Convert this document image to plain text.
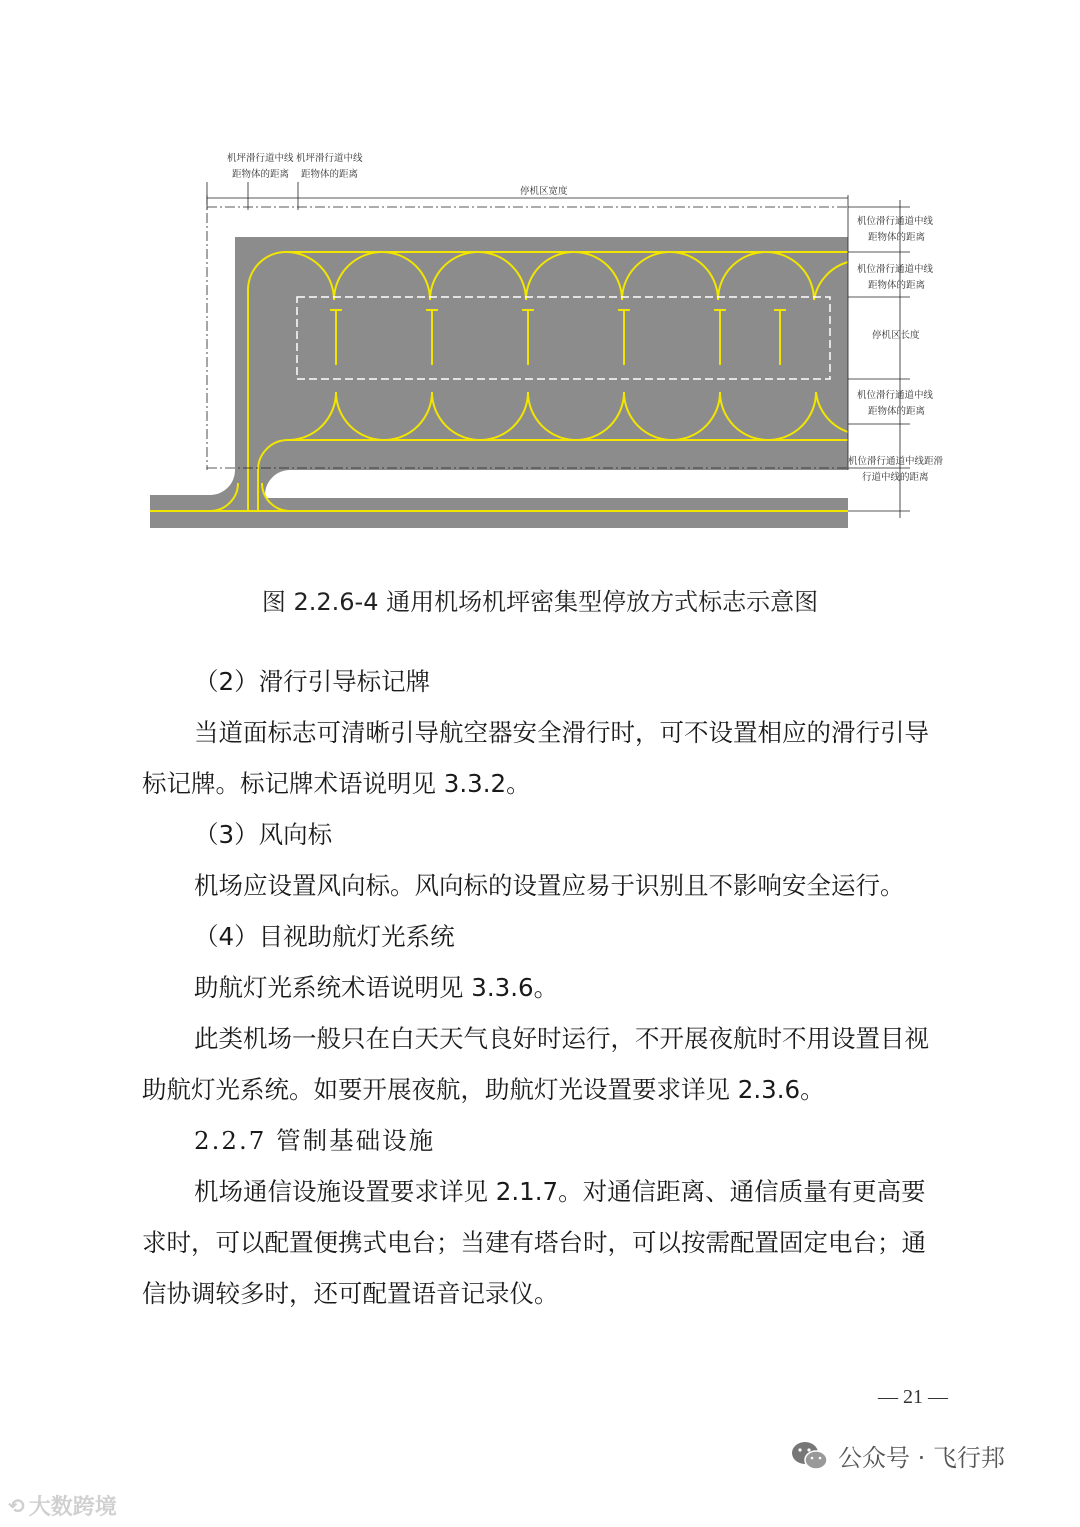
机坪滑行道中线
距物体的距离
机坪滑行道中线
距物体的距离
停机区宽度
机位滑行通道中线
距物体的距离
机位滑行通道中线
距物体的距离
停机区长度
机位滑行通道中线
距物体的距离
机位滑行通道中线距滑
行道中线的距离
图 2.2.6-4 通用机场机坪密集型停放方式标志示意图
（2）滑行引导标记牌
当道面标志可清晰引导航空器安全滑行时，可不设置相应的滑行引导
标记牌。标记牌术语说明见 3.3.2。
（3）风向标
机场应设置风向标。风向标的设置应易于识别且不影响安全运行。
（4）目视助航灯光系统
助航灯光系统术语说明见 3.3.6。
此类机场一般只在白天天气良好时运行，不开展夜航时不用设置目视
助航灯光系统。如要开展夜航，助航灯光设置要求详见 2.3.6。
2.2.7 管制基础设施
机场通信设施设置要求详见 2.1.7。对通信距离、通信质量有更高要
求时，可以配置便携式电台；当建有塔台时，可以按需配置固定电台；通
信协调较多时，还可配置语音记录仪。
— 21 —
公众号 · 飞行邦
⟲ 大数跨境
